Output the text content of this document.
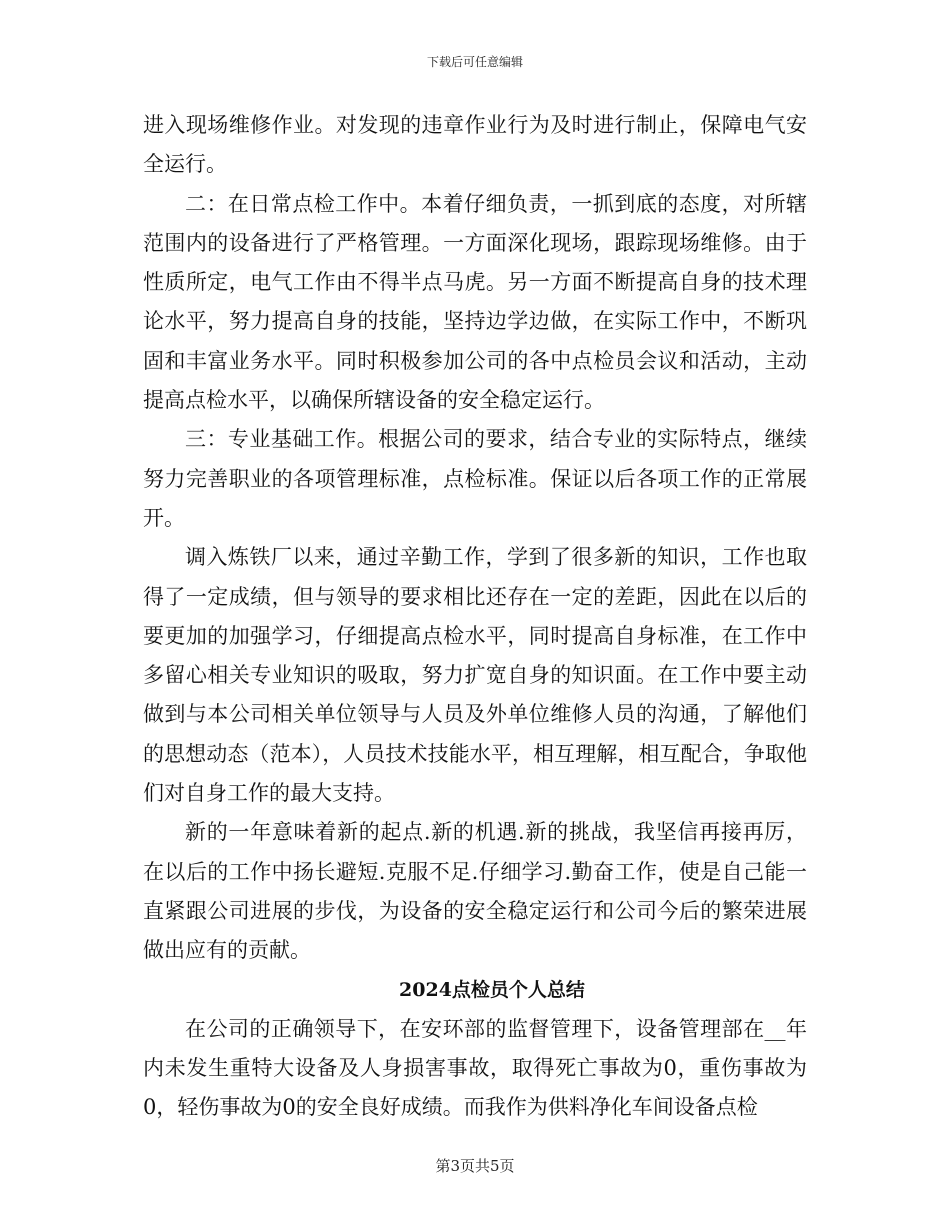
下载后可任意编辑

进入现场维修作业。对发现的违章作业行为及时进行制止，保障电气安全运行。

二：在日常点检工作中。本着仔细负责，一抓到底的态度，对所辖范围内的设备进行了严格管理。一方面深化现场，跟踪现场维修。由于性质所定，电气工作由不得半点马虎。另一方面不断提高自身的技术理论水平，努力提高自身的技能，坚持边学边做，在实际工作中，不断巩固和丰富业务水平。同时积极参加公司的各中点检员会议和活动，主动提高点检水平，以确保所辖设备的安全稳定运行。

三：专业基础工作。根据公司的要求，结合专业的实际特点，继续努力完善职业的各项管理标准，点检标准。保证以后各项工作的正常展开。

调入炼铁厂以来，通过辛勤工作，学到了很多新的知识，工作也取得了一定成绩，但与领导的要求相比还存在一定的差距，因此在以后的要更加的加强学习，仔细提高点检水平，同时提高自身标准，在工作中多留心相关专业知识的吸取，努力扩宽自身的知识面。在工作中要主动做到与本公司相关单位领导与人员及外单位维修人员的沟通，了解他们的思想动态（范本），人员技术技能水平，相互理解，相互配合，争取他们对自身工作的最大支持。

新的一年意味着新的起点.新的机遇.新的挑战，我坚信再接再厉，在以后的工作中扬长避短.克服不足.仔细学习.勤奋工作，使是自己能一直紧跟公司进展的步伐，为设备的安全稳定运行和公司今后的繁荣进展做出应有的贡献。

2024点检员个人总结

在公司的正确领导下，在安环部的监督管理下，设备管理部在__年内未发生重特大设备及人身损害事故，取得死亡事故为0，重伤事故为0，轻伤事故为0的安全良好成绩。而我作为供料净化车间设备点检

第3页共5页
